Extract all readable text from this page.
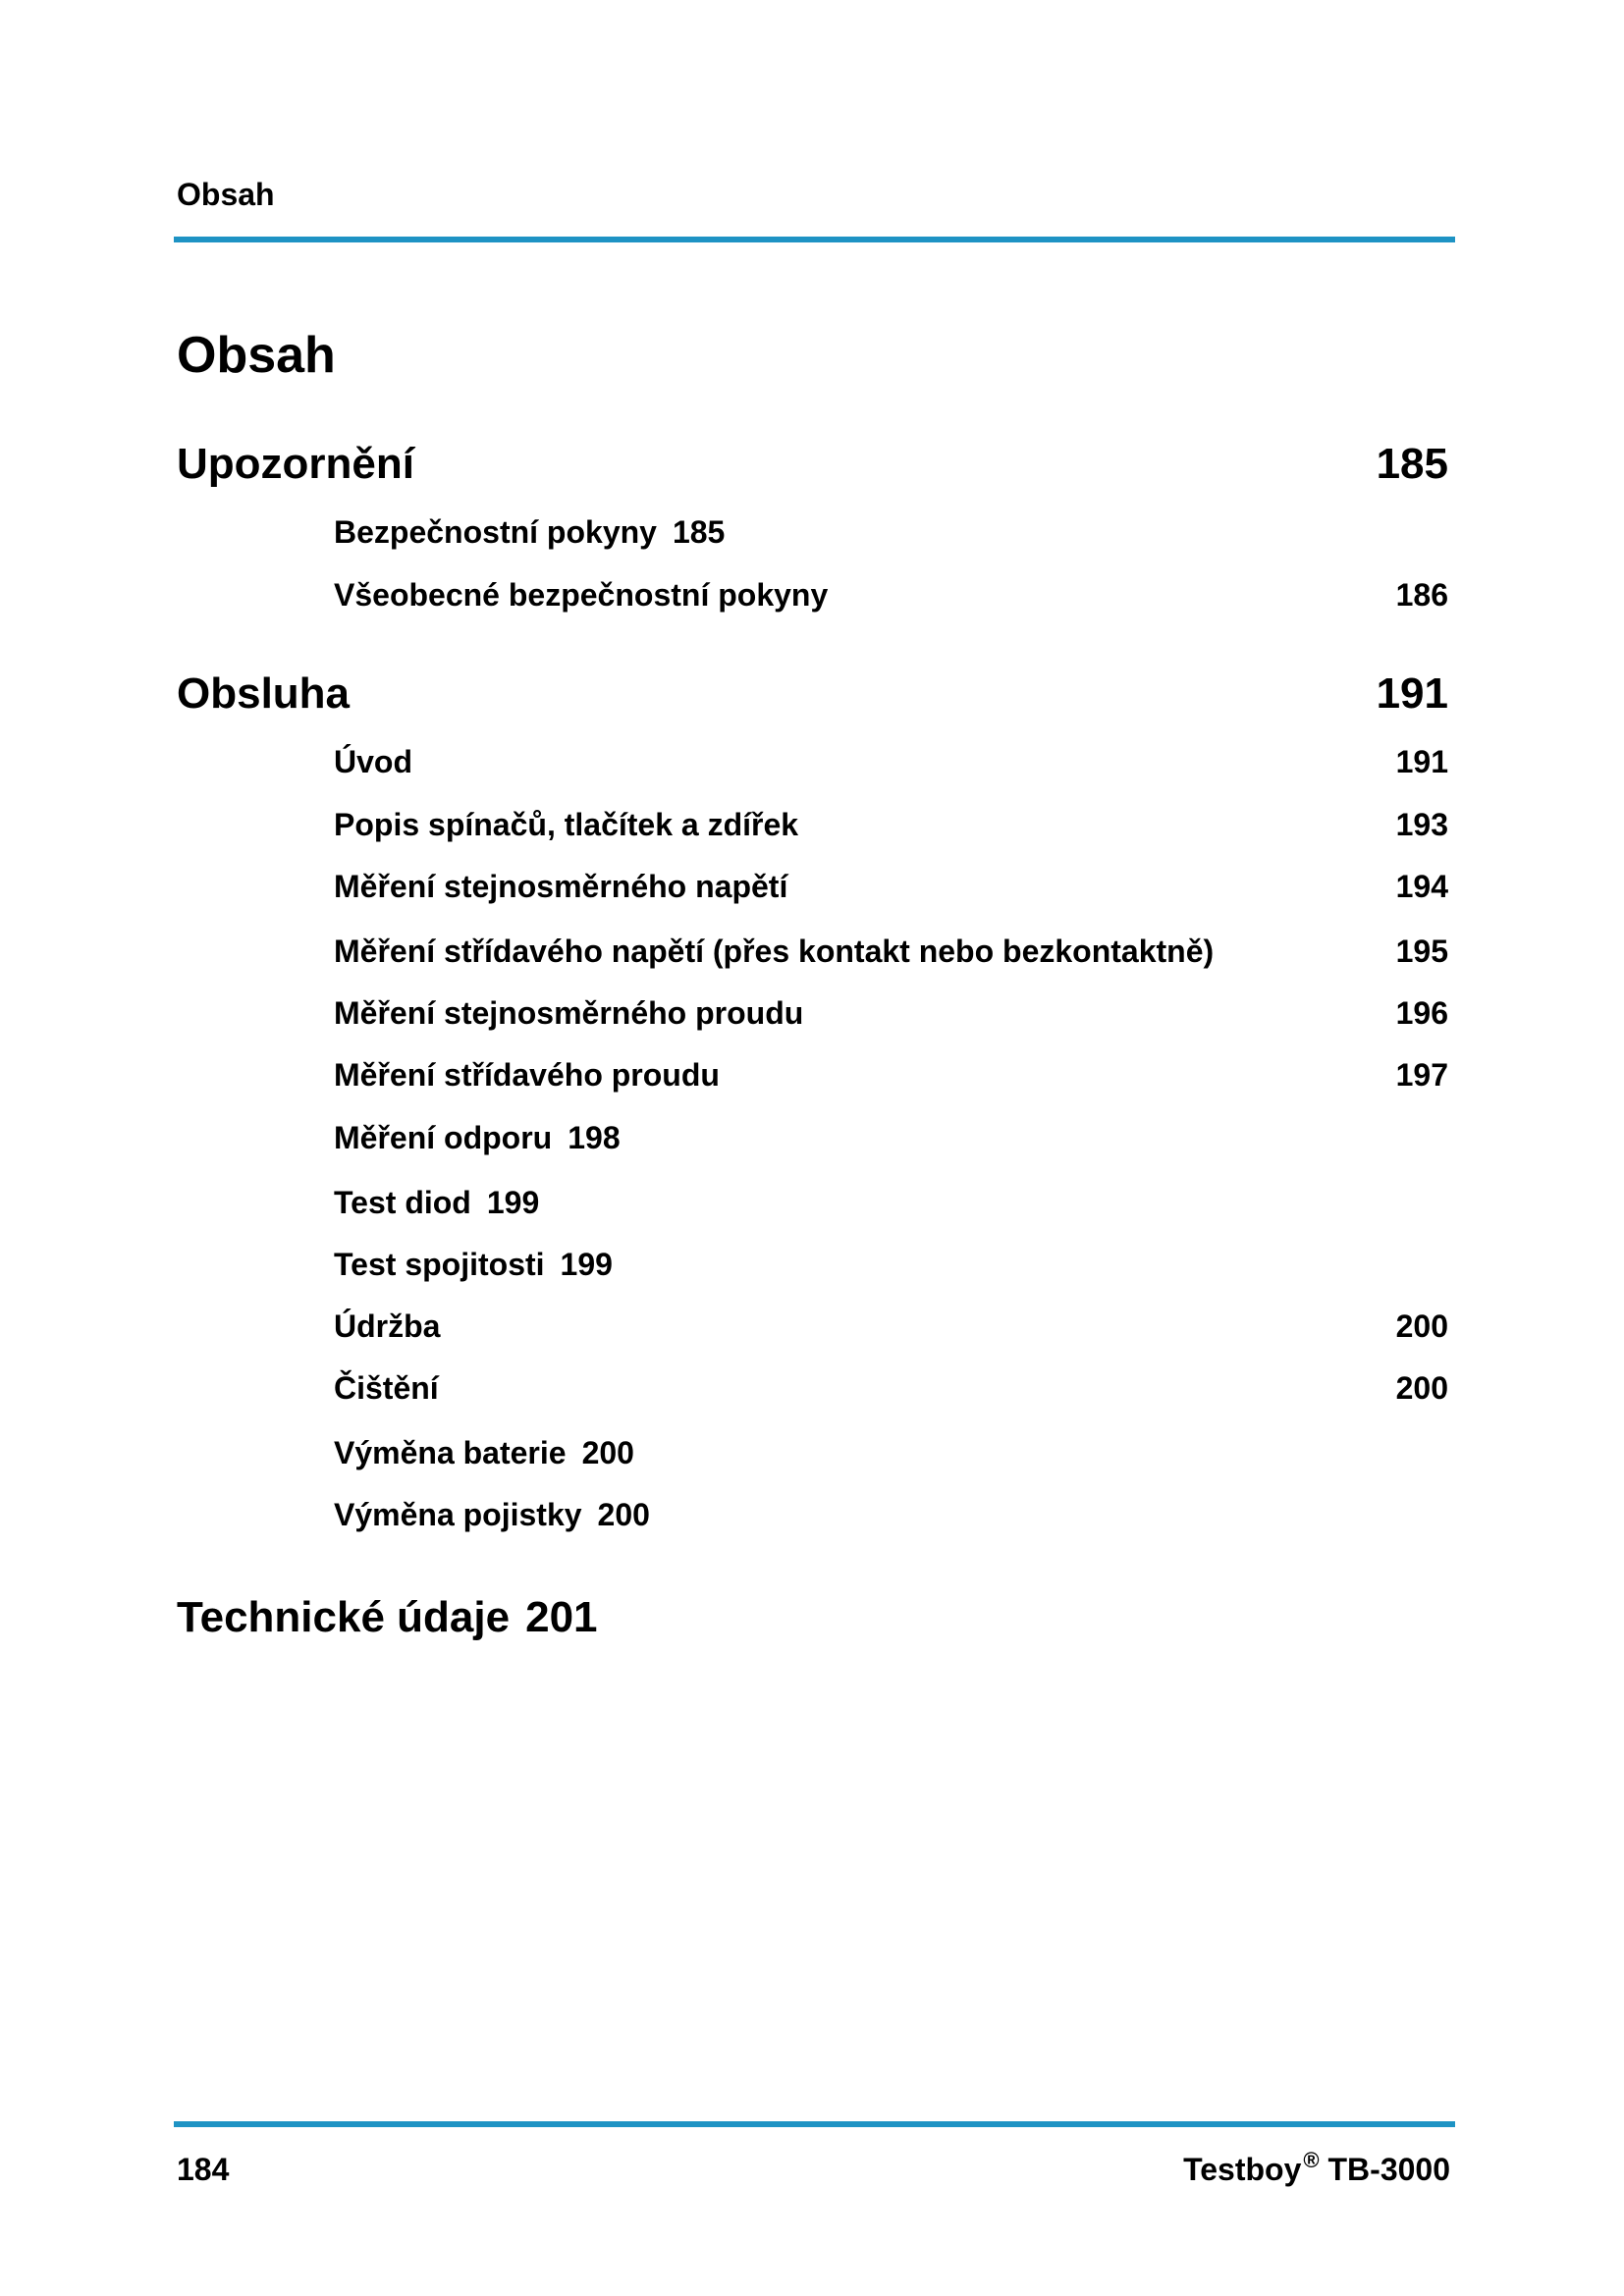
Obsah
Obsah
Upozornění	185
Bezpečnostní pokyny 185
Všeobecné bezpečnostní pokyny	186
Obsluha	191
Úvod	191
Popis spínačů, tlačítek a zdířek	193
Měření stejnosměrného napětí	194
Měření střídavého napětí (přes kontakt nebo bezkontaktně)	195
Měření stejnosměrného proudu	196
Měření střídavého proudu	197
Měření odporu 198
Test diod 199
Test spojitosti 199
Údržba	200
Čištění	200
Výměna baterie 200
Výměna pojistky 200
Technické údaje 201
184	Testboy® TB-3000
